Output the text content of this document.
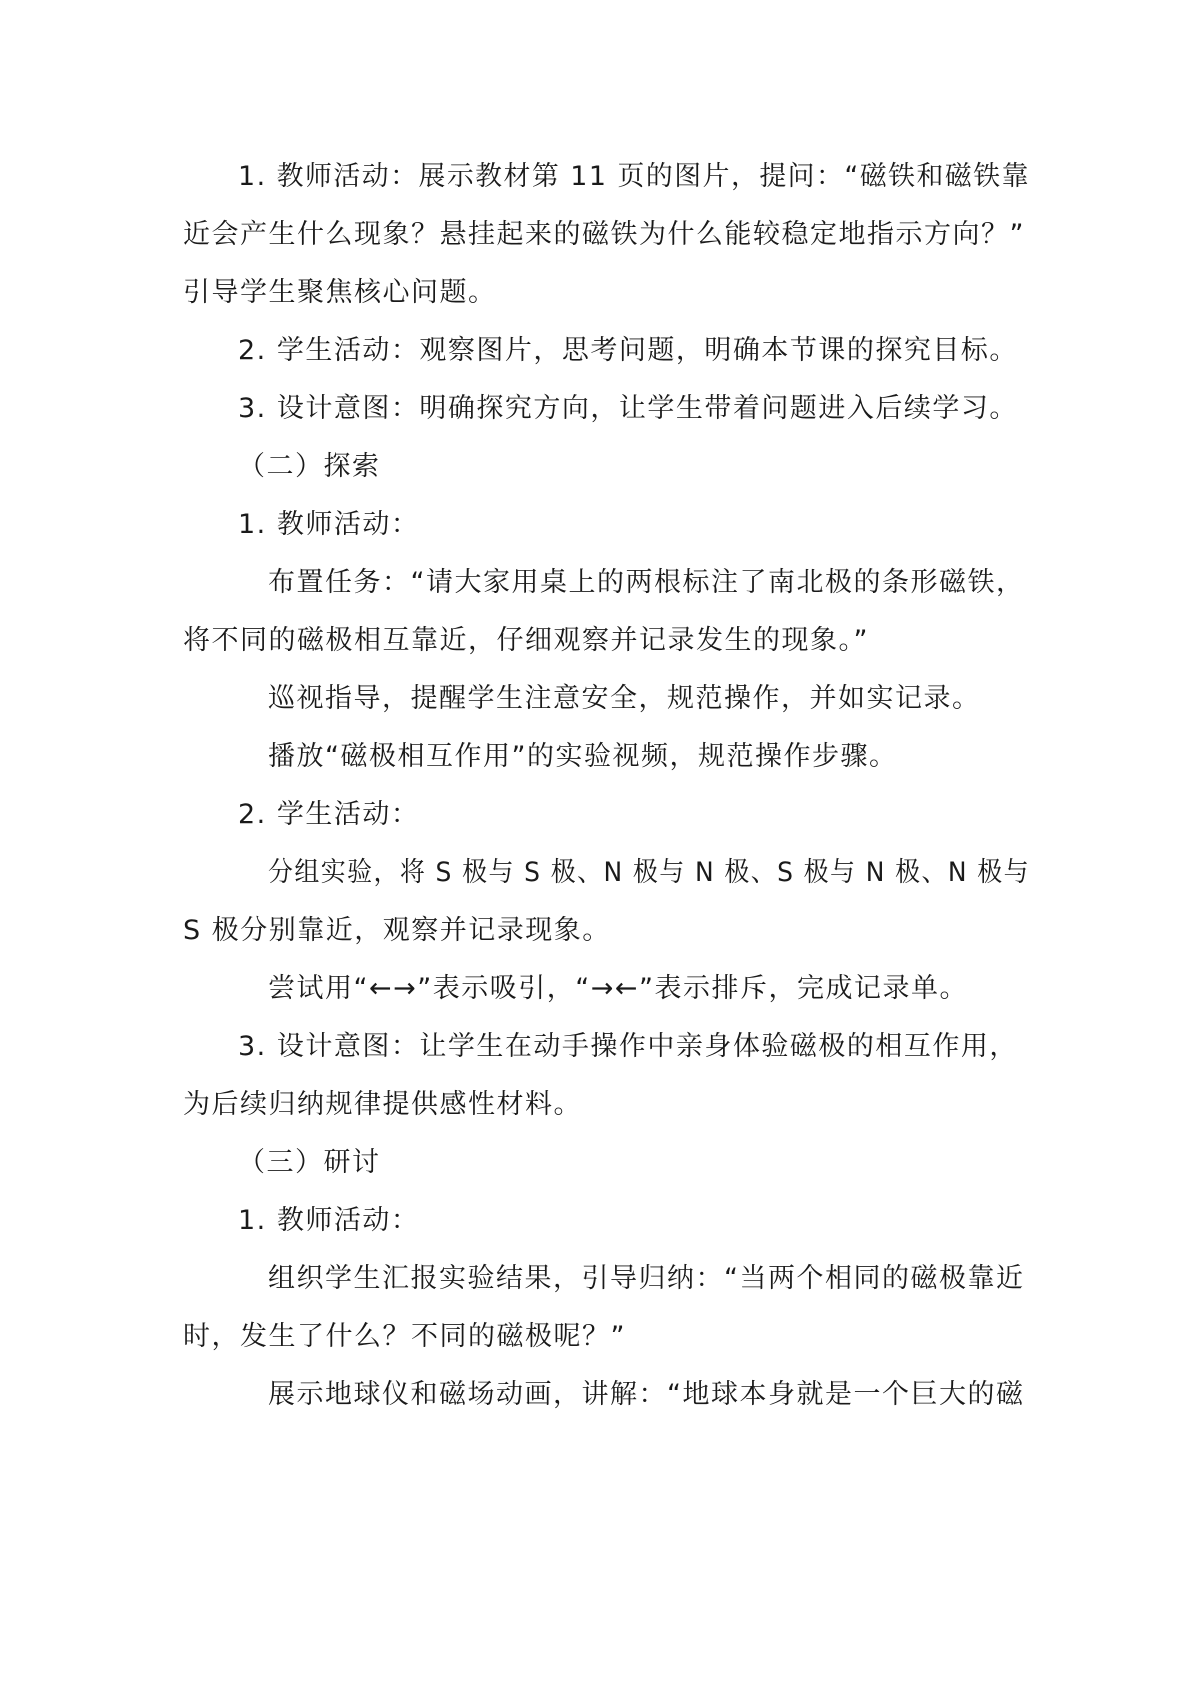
1. 教师活动：展示教材第 11 页的图片，提问：“磁铁和磁铁靠
近会产生什么现象？悬挂起来的磁铁为什么能较稳定地指示方向？”
引导学生聚焦核心问题。
2. 学生活动：观察图片，思考问题，明确本节课的探究目标。
3. 设计意图：明确探究方向，让学生带着问题进入后续学习。
（二）探索
1. 教师活动：
布置任务：“请大家用桌上的两根标注了南北极的条形磁铁，
将不同的磁极相互靠近，仔细观察并记录发生的现象。”
巡视指导，提醒学生注意安全，规范操作，并如实记录。
播放“磁极相互作用”的实验视频，规范操作步骤。
2. 学生活动：
分组实验，将 S 极与 S 极、N 极与 N 极、S 极与 N 极、N 极与
S 极分别靠近，观察并记录现象。
尝试用“←→”表示吸引，“→←”表示排斥，完成记录单。
3. 设计意图：让学生在动手操作中亲身体验磁极的相互作用，
为后续归纳规律提供感性材料。
（三）研讨
1. 教师活动：
组织学生汇报实验结果，引导归纳：“当两个相同的磁极靠近
时，发生了什么？不同的磁极呢？”
展示地球仪和磁场动画，讲解：“地球本身就是一个巨大的磁
